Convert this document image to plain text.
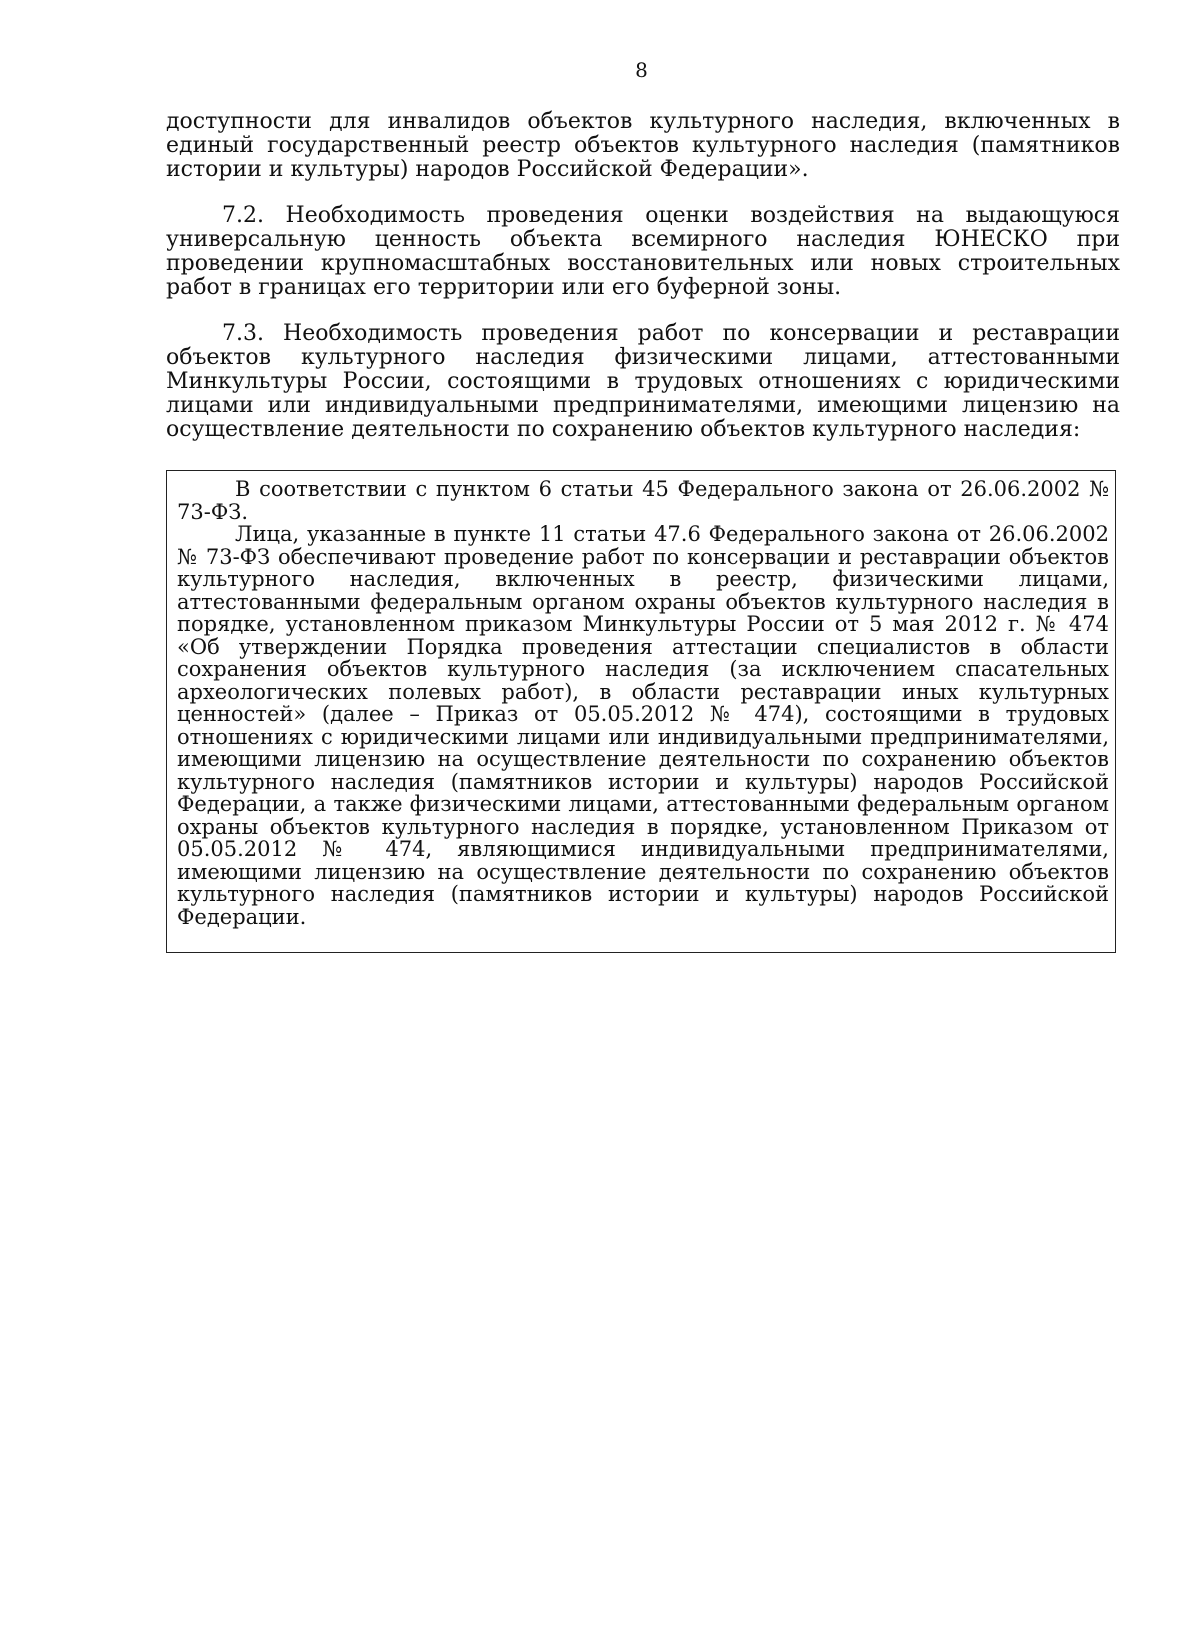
8
доступности для инвалидов объектов культурного наследия, включенных в единый государственный реестр объектов культурного наследия (памятников истории и культуры) народов Российской Федерации».
7.2. Необходимость проведения оценки воздействия на выдающуюся универсальную ценность объекта всемирного наследия ЮНЕСКО при проведении крупномасштабных восстановительных или новых строительных работ в границах его территории или его буферной зоны.
7.3. Необходимость проведения работ по консервации и реставрации объектов культурного наследия физическими лицами, аттестованными Минкультуры России, состоящими в трудовых отношениях с юридическими лицами или индивидуальными предпринимателями, имеющими лицензию на осуществление деятельности по сохранению объектов культурного наследия:

В соответствии с пунктом 6 статьи 45 Федерального закона от 26.06.2002 № 73-ФЗ.

Лица, указанные в пункте 11 статьи 47.6 Федерального закона от 26.06.2002 № 73-ФЗ обеспечивают проведение работ по консервации и реставрации объектов культурного наследия, включенных в реестр, физическими лицами, аттестованными федеральным органом охраны объектов культурного наследия в порядке, установленном приказом Минкультуры России от 5 мая 2012 г. № 474 «Об утверждении Порядка проведения аттестации специалистов в области сохранения объектов культурного наследия (за исключением спасательных археологических полевых работ), в области реставрации иных культурных ценностей» (далее – Приказ от 05.05.2012 № 474), состоящими в трудовых отношениях с юридическими лицами или индивидуальными предпринимателями, имеющими лицензию на осуществление деятельности по сохранению объектов культурного наследия (памятников истории и культуры) народов Российской Федерации, а также физическими лицами, аттестованными федеральным органом охраны объектов культурного наследия в порядке, установленном Приказом от 05.05.2012 № 474, являющимися индивидуальными предпринимателями, имеющими лицензию на осуществление деятельности по сохранению объектов культурного наследия (памятников истории и культуры) народов Российской Федерации.
